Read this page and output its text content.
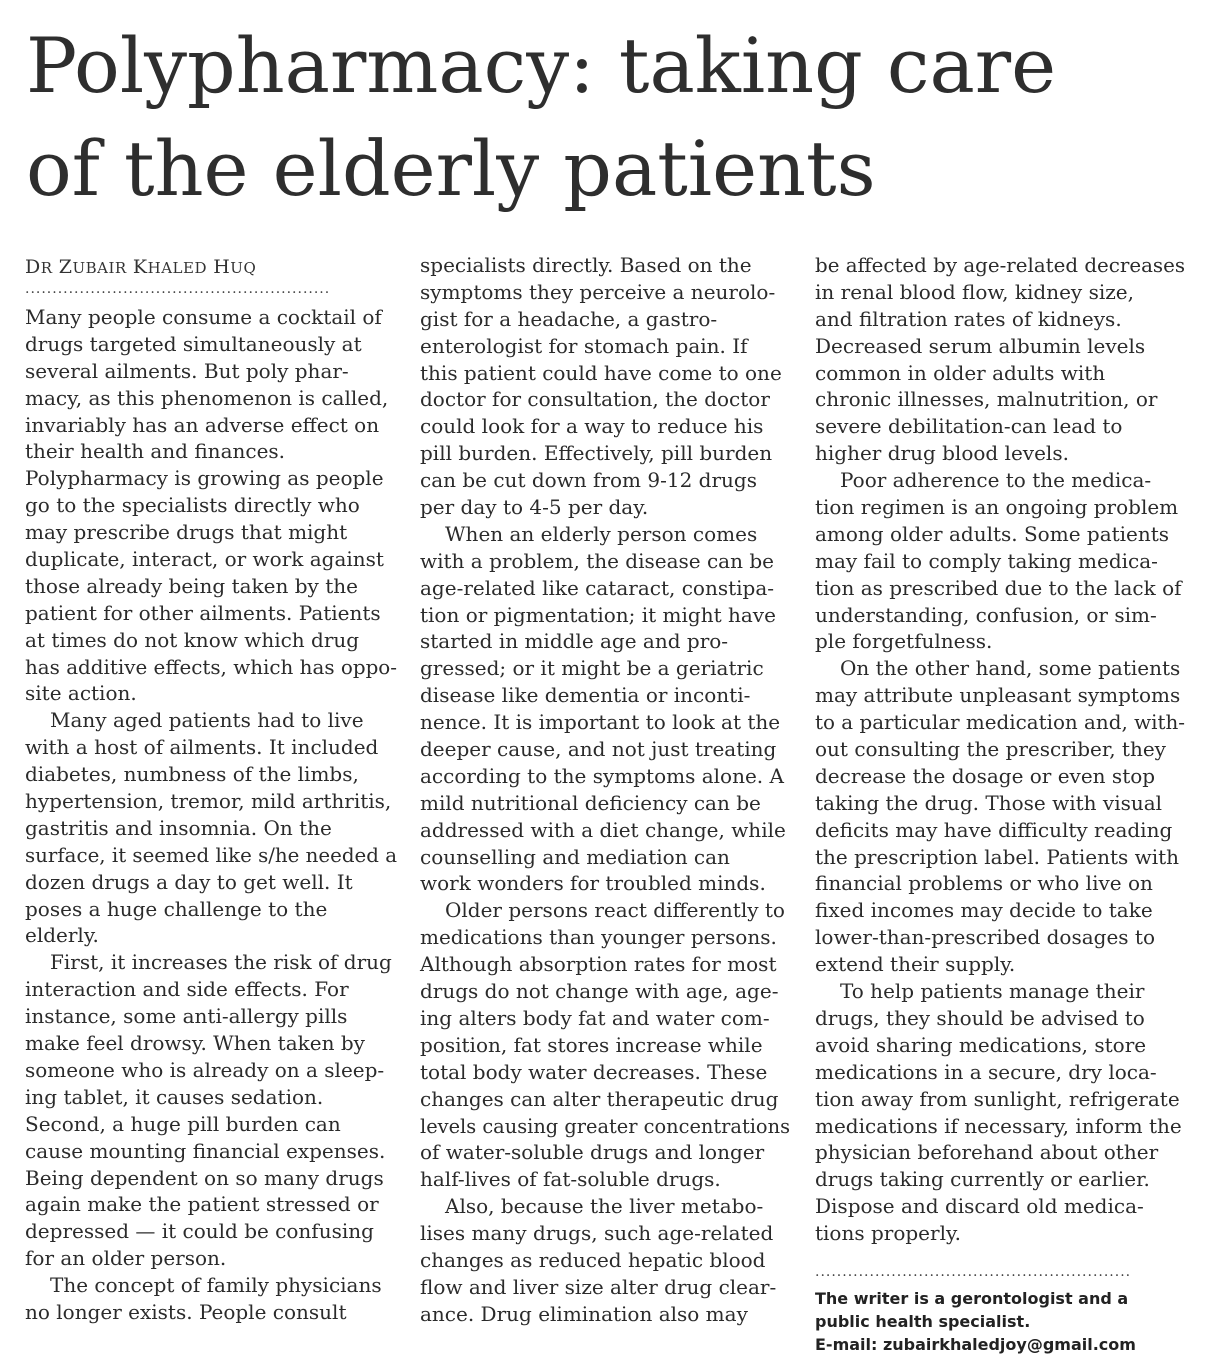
Polypharmacy: taking care
of the elderly patients
DR ZUBAIR KHALED HUQ
........................................................
Many people consume a cocktail of
drugs targeted simultaneously at
several ailments. But poly phar-
macy, as this phenomenon is called,
invariably has an adverse effect on
their health and finances.
Polypharmacy is growing as people
go to the specialists directly who
may prescribe drugs that might
duplicate, interact, or work against
those already being taken by the
patient for other ailments. Patients
at times do not know which drug
has additive effects, which has oppo-
site action.
Many aged patients had to live
with a host of ailments. It included
diabetes, numbness of the limbs,
hypertension, tremor, mild arthritis,
gastritis and insomnia. On the
surface, it seemed like s/he needed a
dozen drugs a day to get well. It
poses a huge challenge to the
elderly.
First, it increases the risk of drug
interaction and side effects. For
instance, some anti-allergy pills
make feel drowsy. When taken by
someone who is already on a sleep-
ing tablet, it causes sedation.
Second, a huge pill burden can
cause mounting financial expenses.
Being dependent on so many drugs
again make the patient stressed or
depressed — it could be confusing
for an older person.
The concept of family physicians
no longer exists. People consult
specialists directly. Based on the
symptoms they perceive a neurolo-
gist for a headache, a gastro-
enterologist for stomach pain. If
this patient could have come to one
doctor for consultation, the doctor
could look for a way to reduce his
pill burden. Effectively, pill burden
can be cut down from 9-12 drugs
per day to 4-5 per day.
When an elderly person comes
with a problem, the disease can be
age-related like cataract, constipa-
tion or pigmentation; it might have
started in middle age and pro-
gressed; or it might be a geriatric
disease like dementia or inconti-
nence. It is important to look at the
deeper cause, and not just treating
according to the symptoms alone. A
mild nutritional deficiency can be
addressed with a diet change, while
counselling and mediation can
work wonders for troubled minds.
Older persons react differently to
medications than younger persons.
Although absorption rates for most
drugs do not change with age, age-
ing alters body fat and water com-
position, fat stores increase while
total body water decreases. These
changes can alter therapeutic drug
levels causing greater concentrations
of water-soluble drugs and longer
half-lives of fat-soluble drugs.
Also, because the liver metabo-
lises many drugs, such age-related
changes as reduced hepatic blood
flow and liver size alter drug clear-
ance. Drug elimination also may
be affected by age-related decreases
in renal blood flow, kidney size,
and filtration rates of kidneys.
Decreased serum albumin levels
common in older adults with
chronic illnesses, malnutrition, or
severe debilitation-can lead to
higher drug blood levels.
Poor adherence to the medica-
tion regimen is an ongoing problem
among older adults. Some patients
may fail to comply taking medica-
tion as prescribed due to the lack of
understanding, confusion, or sim-
ple forgetfulness.
On the other hand, some patients
may attribute unpleasant symptoms
to a particular medication and, with-
out consulting the prescriber, they
decrease the dosage or even stop
taking the drug. Those with visual
deficits may have difficulty reading
the prescription label. Patients with
financial problems or who live on
fixed incomes may decide to take
lower-than-prescribed dosages to
extend their supply.
To help patients manage their
drugs, they should be advised to
avoid sharing medications, store
medications in a secure, dry loca-
tion away from sunlight, refrigerate
medications if necessary, inform the
physician beforehand about other
drugs taking currently or earlier.
Dispose and discard old medica-
tions properly.
..........................................................
The writer is a gerontologist and a
public health specialist.
E-mail: zubairkhaledjoy@gmail.com
